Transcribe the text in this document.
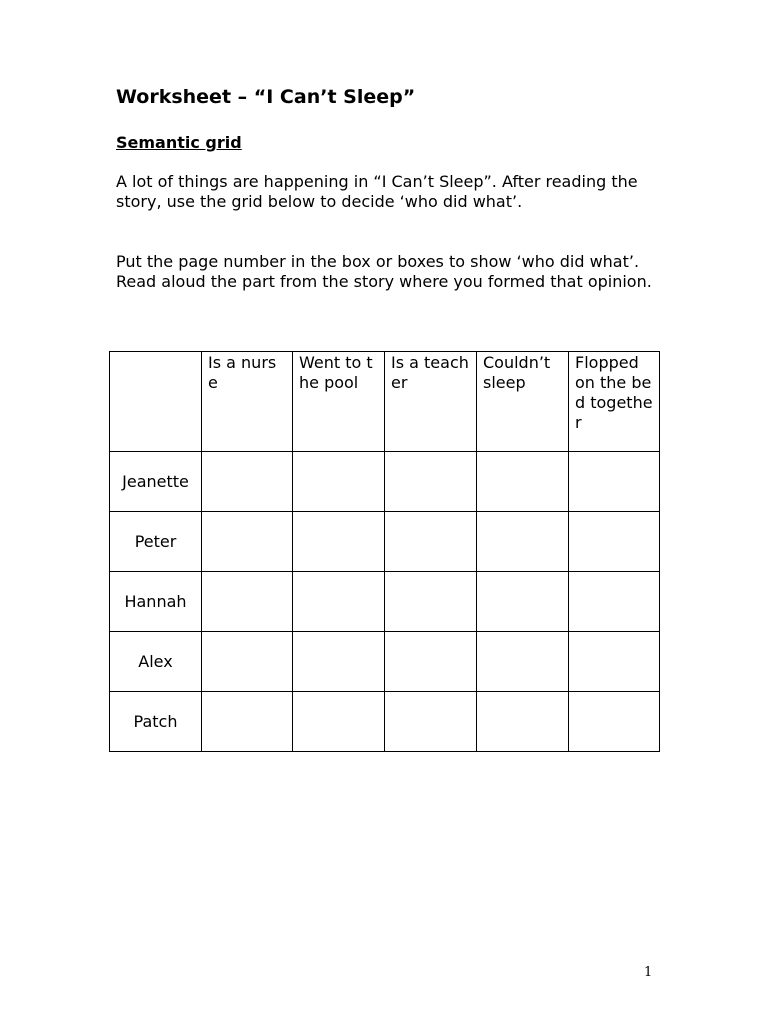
Worksheet – “I Can’t Sleep”
Semantic grid

A lot of things are happening in “I Can’t Sleep”. After reading the story, use the grid below to decide ‘who did what’.

Put the page number in the box or boxes to show ‘who did what’. Read aloud the part from the story where you formed that opinion.

	Is a nurse	Went to the pool	Is a teacher	Couldn’t sleep	Flopped on the bed together
Jeanette					
Peter					
Hannah					
Alex					
Patch					

1
